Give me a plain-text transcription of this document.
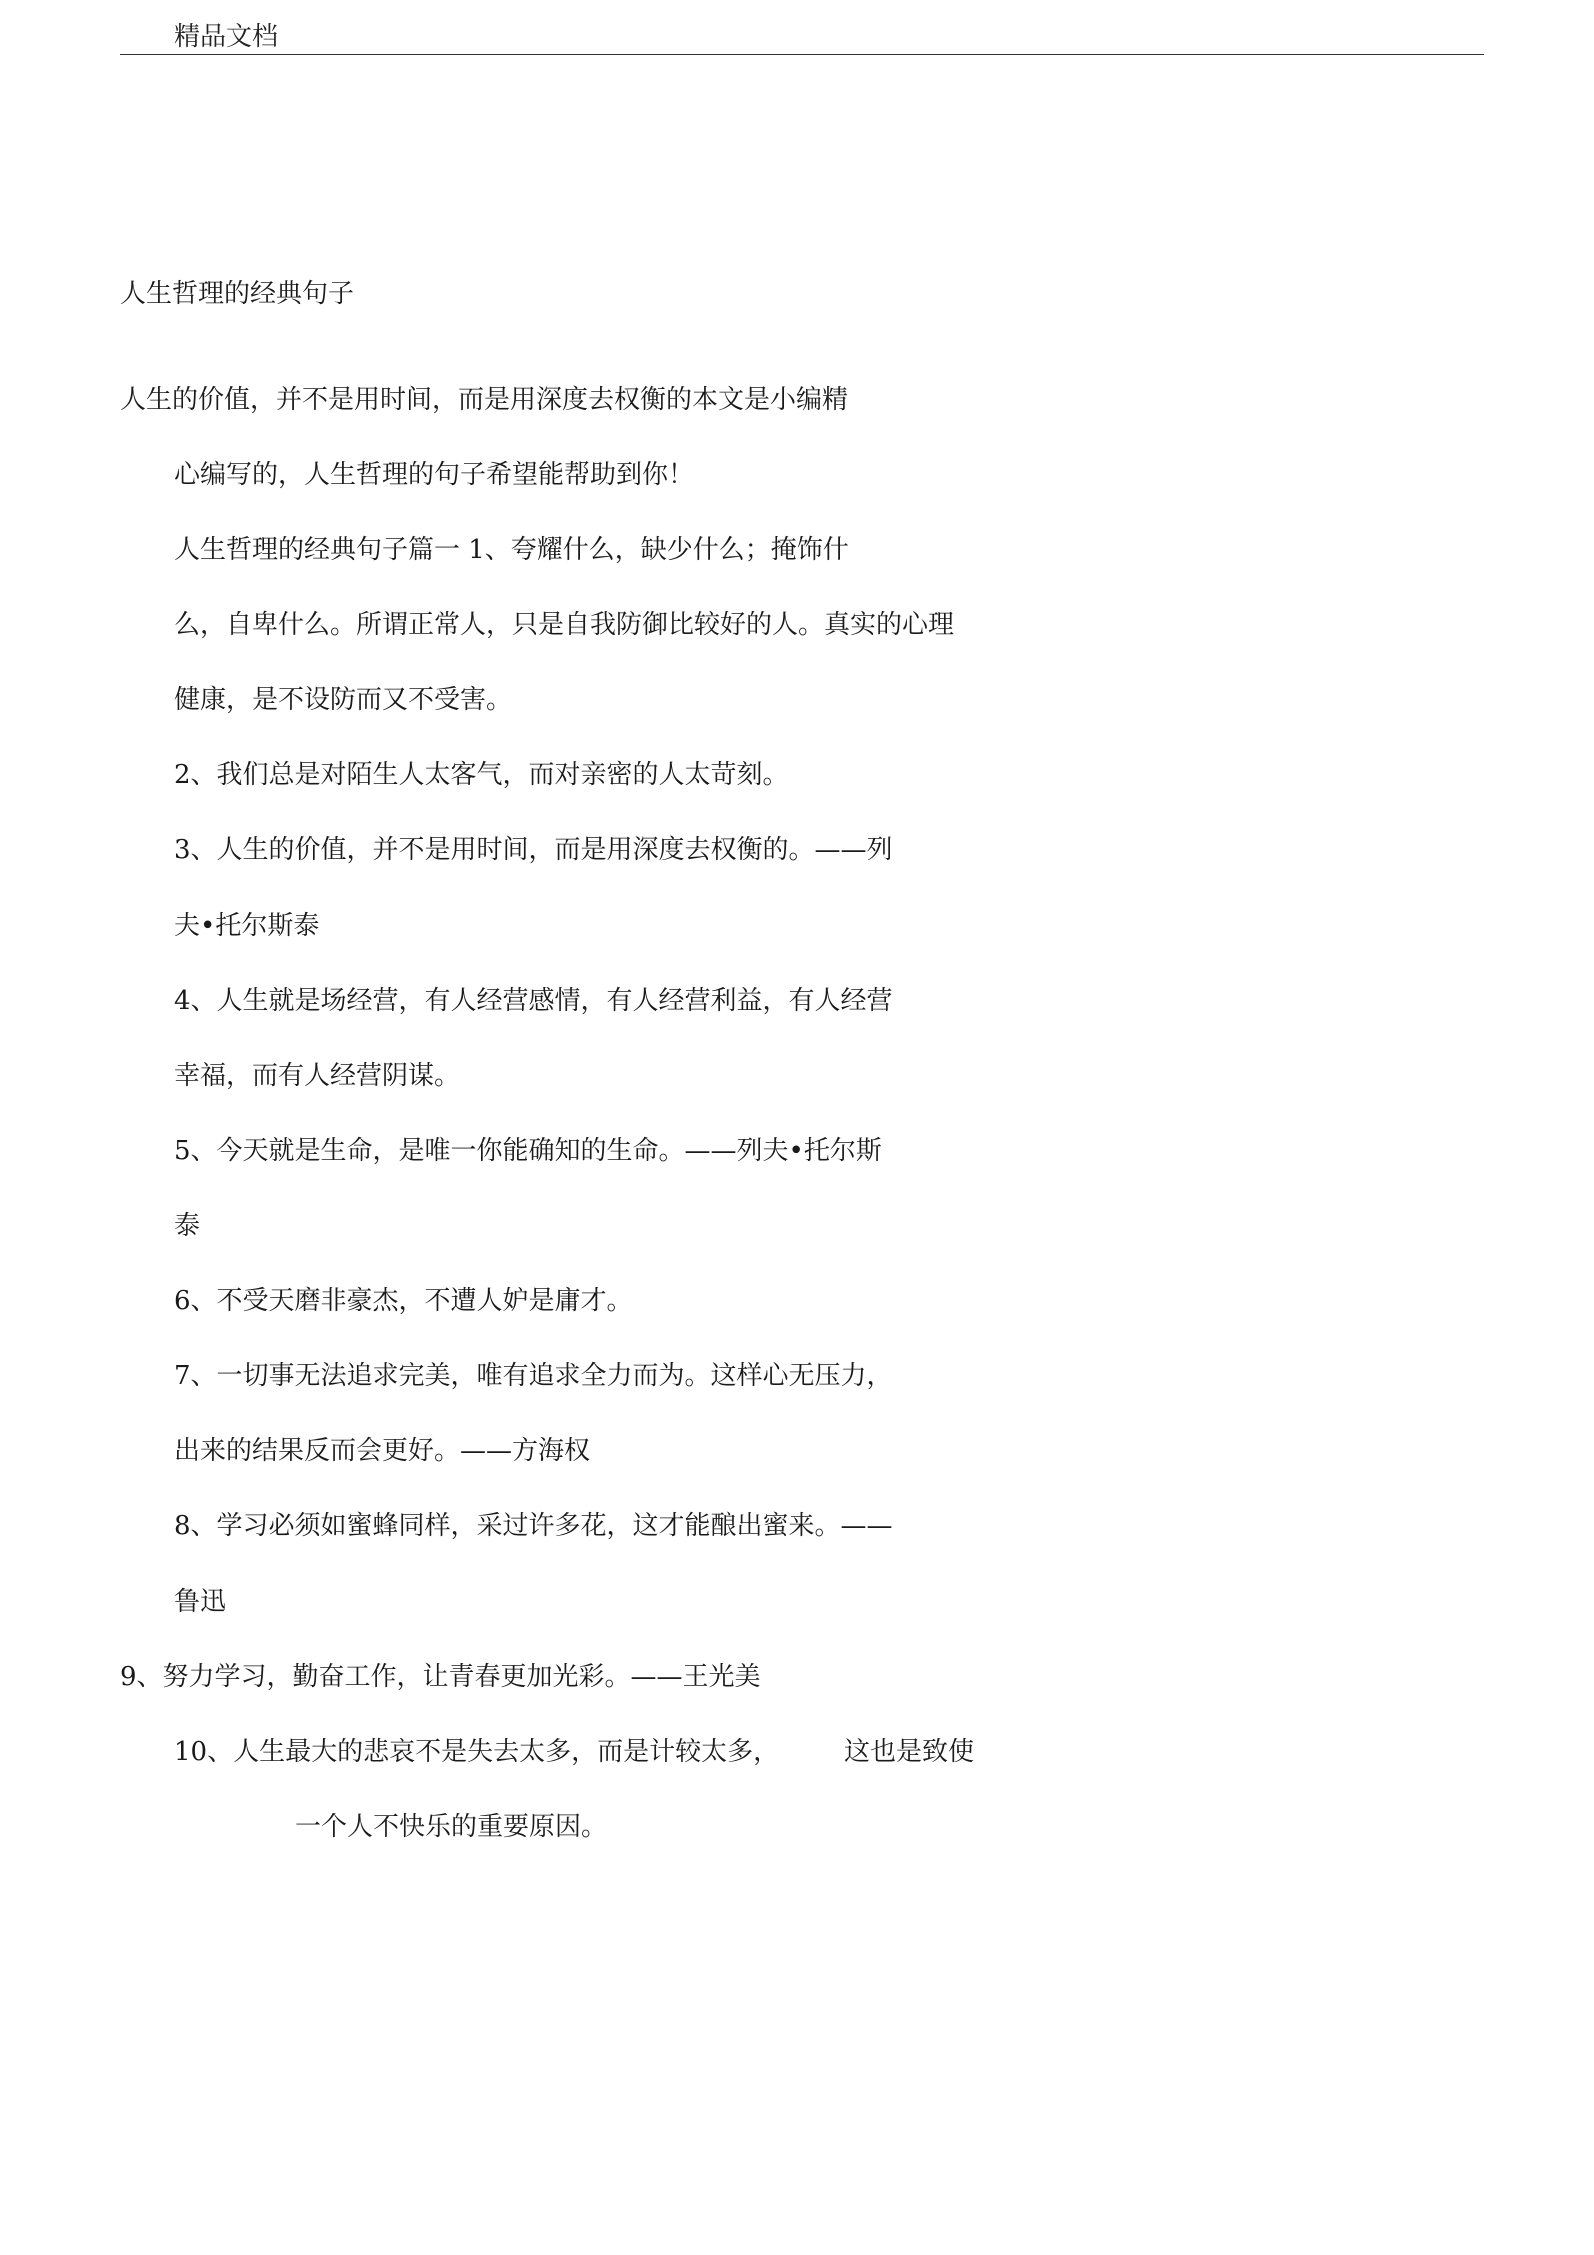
精品文档
人生哲理的经典句子
人生的价值，并不是用时间，而是用深度去权衡的本文是小编精
心编写的，人生哲理的句子希望能帮助到你！
人生哲理的经典句子篇一 1、夸耀什么，缺少什么；掩饰什
么，自卑什么。所谓正常人，只是自我防御比较好的人。真实的心理
健康，是不设防而又不受害。
2、我们总是对陌生人太客气，而对亲密的人太苛刻。
3、人生的价值，并不是用时间，而是用深度去权衡的。——列
夫•托尔斯泰
4、人生就是场经营，有人经营感情，有人经营利益，有人经营
幸福，而有人经营阴谋。
5、今天就是生命，是唯一你能确知的生命。——列夫•托尔斯
泰
6、不受天磨非豪杰，不遭人妒是庸才。
7、一切事无法追求完美，唯有追求全力而为。这样心无压力，
出来的结果反而会更好。——方海权
8、学习必须如蜜蜂同样，采过许多花，这才能酿出蜜来。——
鲁迅
9、努力学习，勤奋工作，让青春更加光彩。——王光美
10、人生最大的悲哀不是失去太多，而是计较太多， 这也是致使
一个人不快乐的重要原因。
